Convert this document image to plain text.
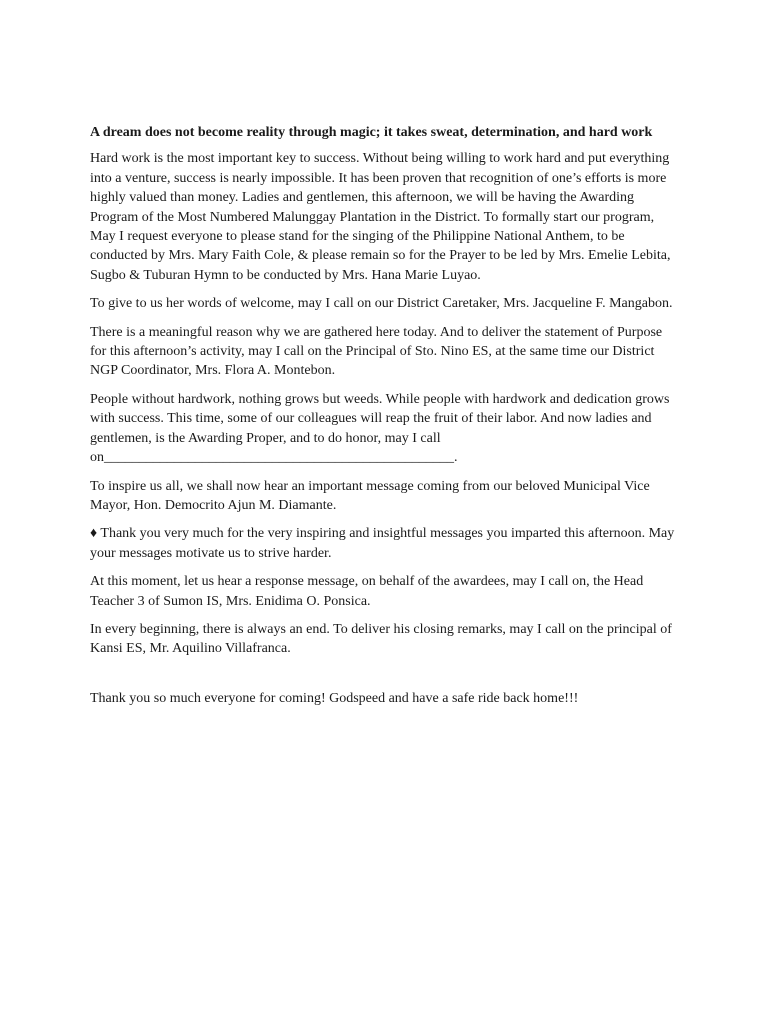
A dream does not become reality through magic; it takes sweat, determination, and hard work

Hard work is the most important key to success. Without being willing to work hard and put everything into a venture, success is nearly impossible. It has been proven that recognition of one’s efforts is more highly valued than money. Ladies and gentlemen, this afternoon, we will be having the Awarding Program of the Most Numbered Malunggay Plantation in the District. To formally start our program, May I request everyone to please stand for the singing of the Philippine National Anthem, to be conducted by Mrs. Mary Faith Cole, & please remain so for the Prayer to be led by Mrs. Emelie Lebita, Sugbo & Tuburan Hymn to be conducted by Mrs. Hana Marie Luyao.

To give to us her words of welcome, may I call on our District Caretaker, Mrs. Jacqueline F. Mangabon.

There is a meaningful reason why we are gathered here today. And to deliver the statement of Purpose for this afternoon’s activity, may I call on the Principal of Sto. Nino ES, at the same time our District NGP Coordinator, Mrs. Flora A. Montebon.

People without hardwork, nothing grows but weeds. While people with hardwork and dedication grows with success. This time, some of our colleagues will reap the fruit of their labor. And now ladies and gentlemen, is the Awarding Proper, and to do honor, may I call on__________________________________________________.

To inspire us all, we shall now hear an important message coming from our beloved Municipal Vice Mayor, Hon. Democrito Ajun M. Diamante.

♦ Thank you very much for the very inspiring and insightful messages you imparted this afternoon. May your messages motivate us to strive harder.

At this moment, let us hear a response message, on behalf of the awardees, may I call on, the Head Teacher 3 of Sumon IS, Mrs. Enidima O. Ponsica.

In every beginning, there is always an end. To deliver his closing remarks, may I call on the principal of Kansi ES, Mr. Aquilino Villafranca.

Thank you so much everyone for coming! Godspeed and have a safe ride back home!!!
